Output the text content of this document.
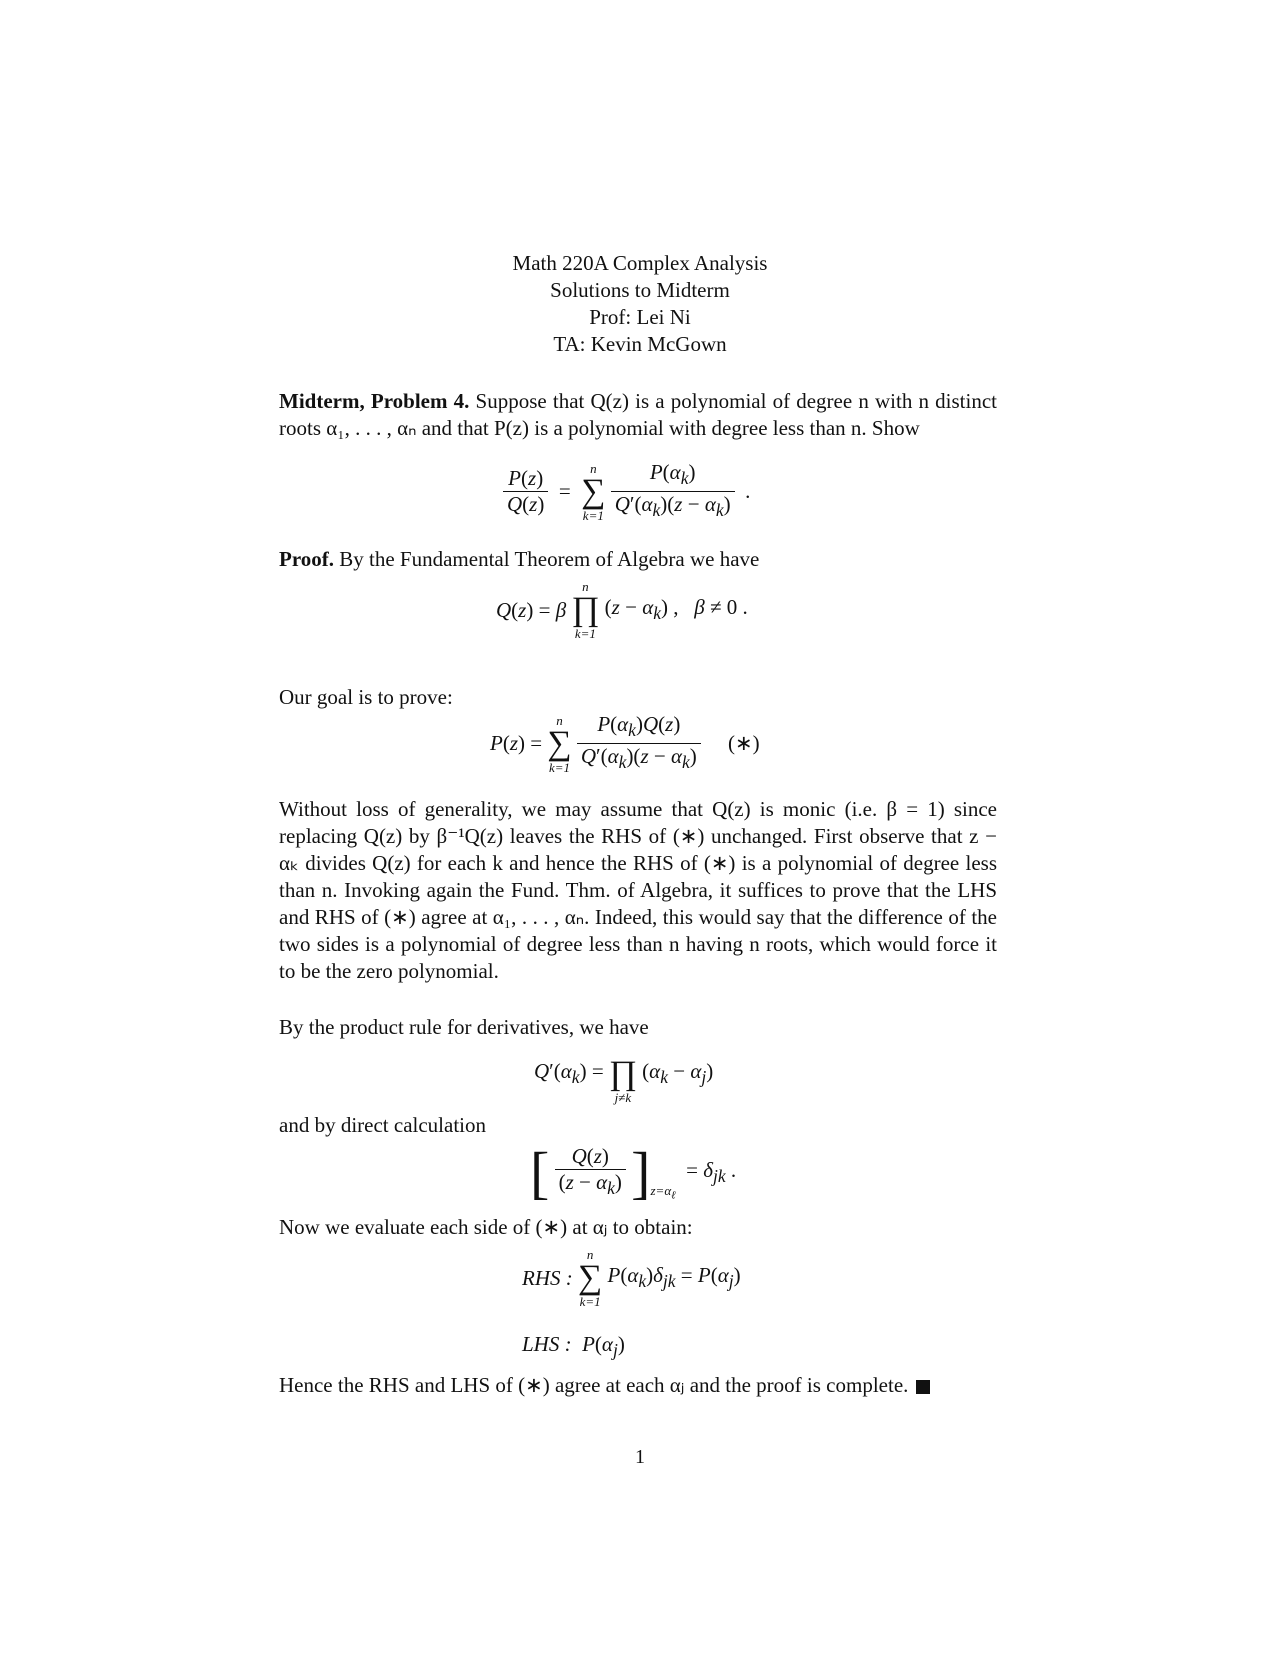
Math 220A Complex Analysis
Solutions to Midterm
Prof: Lei Ni
TA: Kevin McGown
Midterm, Problem 4. Suppose that Q(z) is a polynomial of degree n with n distinct roots α₁, . . . , αₙ and that P(z) is a polynomial with degree less than n. Show
$\frac{P(z)}{Q(z)}$ =
n
∑
k=1
$\frac{P(\alpha_k)}{Q'(\alpha_k)(z - \alpha_k)}$ .
Proof. By the Fundamental Theorem of Algebra we have
Q(z) = β
n
∏
k=1
$(z - \alpha_k)$ ,   β ≠ 0 .
Our goal is to prove:
P(z) =
n
∑
k=1
$\frac{P(\alpha_k)Q(z)}{Q'(\alpha_k)(z - \alpha_k)}$ (∗)
Without loss of generality, we may assume that Q(z) is monic (i.e. β = 1) since replacing Q(z) by β⁻¹Q(z) leaves the RHS of (∗) unchanged. First observe that z − αₖ divides Q(z) for each k and hence the RHS of (∗) is a polynomial of degree less than n. Invoking again the Fund. Thm. of Algebra, it suffices to prove that the LHS and RHS of (∗) agree at α₁, . . . , αₙ. Indeed, this would say that the difference of the two sides is a polynomial of degree less than n having n roots, which would force it to be the zero polynomial.
By the product rule for derivatives, we have
$Q'(\alpha_k)$ =
∏
j≠k
$(\alpha_k - \alpha_j)$
and by direct calculation
[ $\frac{Q(z)}{(z - \alpha_k)} ]z=\alpha_\ell = \delta_{jk}$ .
Now we evaluate each side of (∗) at αⱼ to obtain:
RHS :
n
∑
k=1
$P(\alpha_k)\delta_{jk} = P(\alpha_j)$
LHS : $P(\alpha_j)$
Hence the RHS and LHS of (∗) agree at each αⱼ and the proof is complete.
1
